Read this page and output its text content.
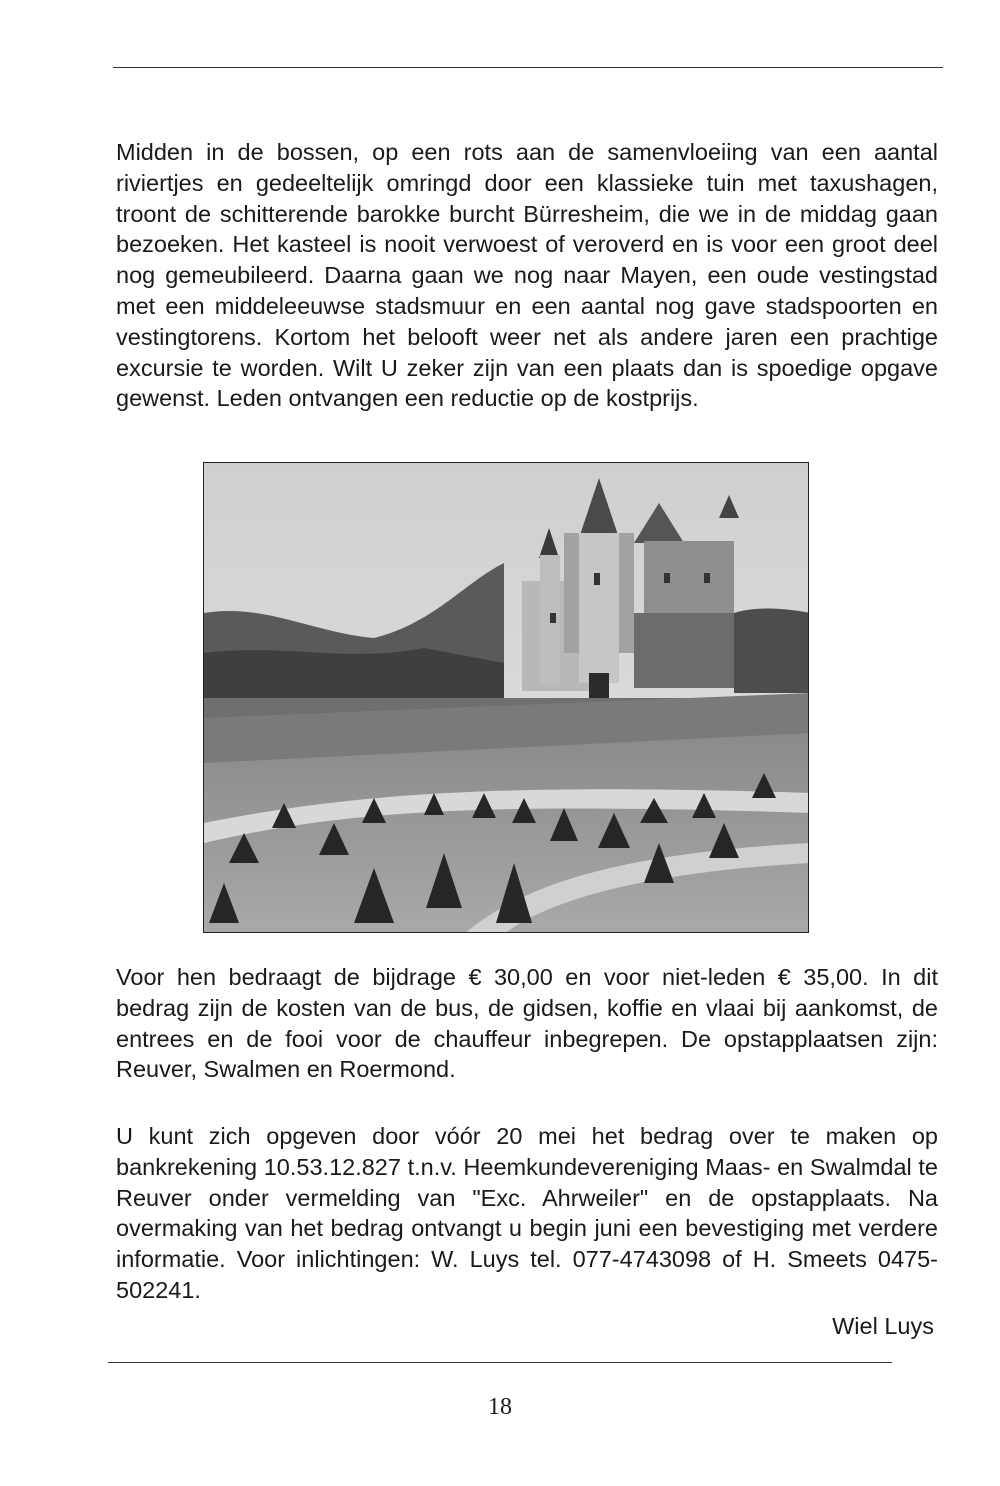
Midden in de bossen, op een rots aan de samenvloeiing van een aantal riviertjes en gedeeltelijk omringd door een klassieke tuin met taxushagen, troont de schitterende barokke burcht Bürresheim, die we in de middag gaan bezoeken. Het kasteel is nooit verwoest of veroverd en is voor een groot deel nog gemeubileerd. Daarna gaan we nog naar Mayen, een oude vestingstad met een middeleeuwse stadsmuur en een aantal nog gave stadspoorten en vestingtorens. Kortom het belooft weer net als andere jaren een prachtige excursie te worden. Wilt U zeker zijn van een plaats dan is spoedige opgave gewenst. Leden ontvangen een reductie op de kostprijs.

Voor hen bedraagt de bijdrage € 30,00 en voor niet-leden € 35,00. In dit bedrag zijn de kosten van de bus, de gidsen, koffie en vlaai bij aankomst, de entrees en de fooi voor de chauffeur inbegrepen. De opstapplaatsen zijn: Reuver, Swalmen en Roermond.

U kunt zich opgeven door vóór 20 mei het bedrag over te maken op bankrekening 10.53.12.827 t.n.v. Heemkundevereniging Maas- en Swalmdal te Reuver onder vermelding van "Exc. Ahrweiler" en de opstapplaats. Na overmaking van het bedrag ontvangt u begin juni een bevestiging met verdere informatie. Voor inlichtingen: W. Luys tel. 077-4743098 of H. Smeets 0475-502241.

Wiel Luys
18
